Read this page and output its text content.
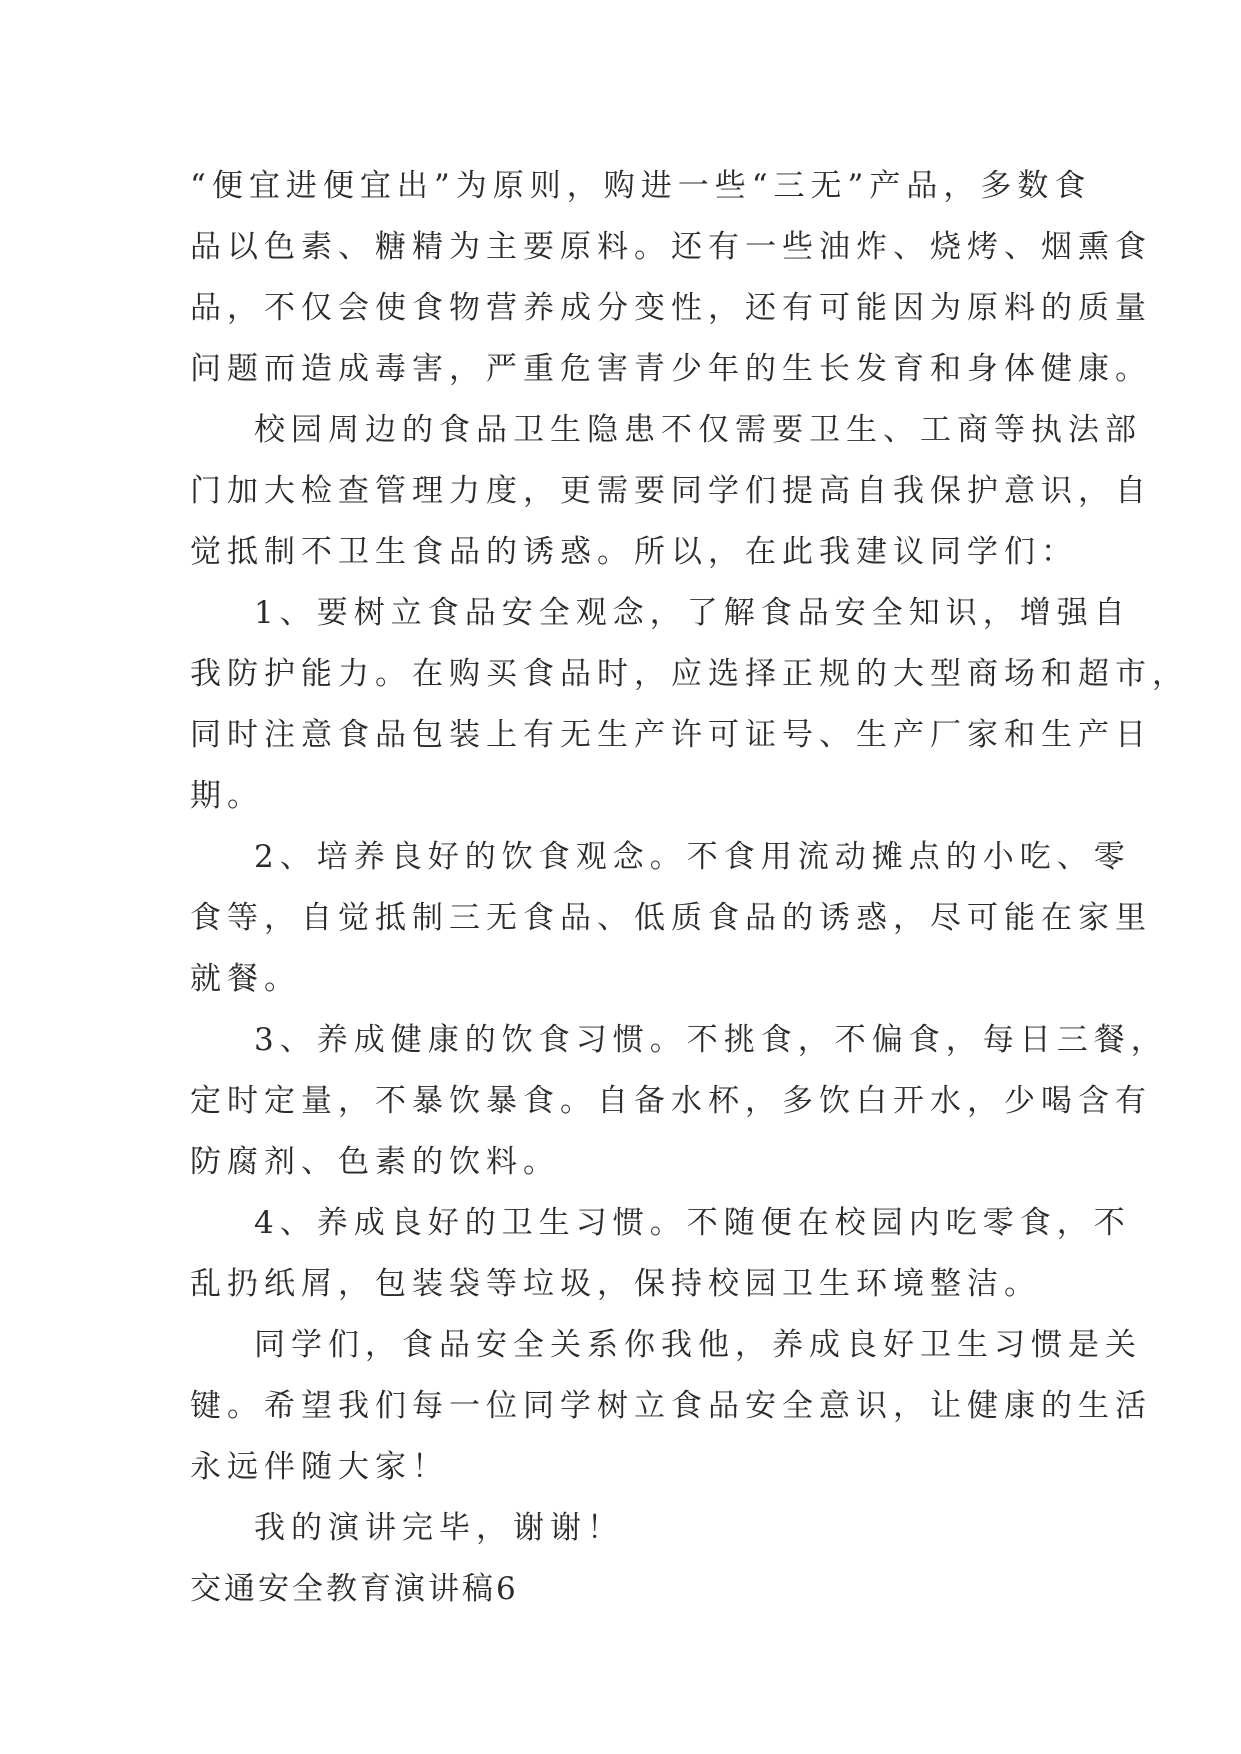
“便宜进便宜出”为原则，购进一些“三无”产品，多数食
品以色素、糖精为主要原料。还有一些油炸、烧烤、烟熏食
品，不仅会使食物营养成分变性，还有可能因为原料的质量
问题而造成毒害，严重危害青少年的生长发育和身体健康。
校园周边的食品卫生隐患不仅需要卫生、工商等执法部
门加大检查管理力度，更需要同学们提高自我保护意识，自
觉抵制不卫生食品的诱惑。所以，在此我建议同学们：
1、要树立食品安全观念，了解食品安全知识，增强自
我防护能力。在购买食品时，应选择正规的大型商场和超市，
同时注意食品包装上有无生产许可证号、生产厂家和生产日
期。
2、培养良好的饮食观念。不食用流动摊点的小吃、零
食等，自觉抵制三无食品、低质食品的诱惑，尽可能在家里
就餐。
3、养成健康的饮食习惯。不挑食，不偏食，每日三餐，
定时定量，不暴饮暴食。自备水杯，多饮白开水，少喝含有
防腐剂、色素的饮料。
4、养成良好的卫生习惯。不随便在校园内吃零食，不
乱扔纸屑，包装袋等垃圾，保持校园卫生环境整洁。
同学们，食品安全关系你我他，养成良好卫生习惯是关
键。希望我们每一位同学树立食品安全意识，让健康的生活
永远伴随大家！
我的演讲完毕，谢谢！
交通安全教育演讲稿6
